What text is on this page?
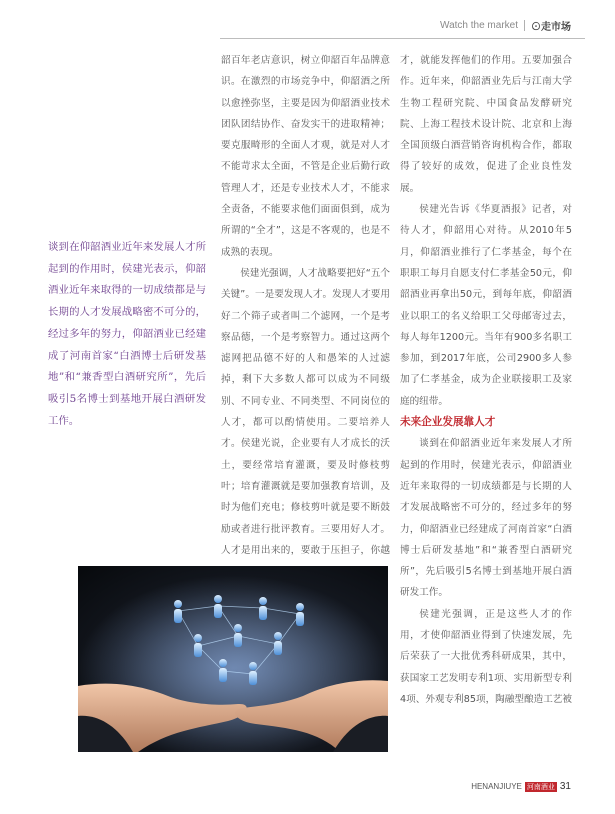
Watch the market ⊙走市场

谈到在仰韶酒业近年来发展人才所起到的作用时，侯建光表示，仰韶酒业近年来取得的一切成绩都是与长期的人才发展战略密不可分的，经过多年的努力，仰韶酒业已经建成了河南首家“白酒博士后研发基地”和“兼香型白酒研究所”，先后吸引5名博士到基地开展白酒研发工作。

韶百年老店意识，树立仰韶百年品牌意识。在激烈的市场竞争中，仰韶酒之所以愈挫弥坚，主要是因为仰韶酒业技术团队团结协作、奋发实干的进取精神；要克服畸形的全面人才观，就是对人才不能苛求太全面，不管是企业后勤行政管理人才，还是专业技术人才，不能求全责备，不能要求他们面面俱到，成为所谓的“全才”，这是不客观的，也是不成熟的表现。

侯建光强调，人才战略要把好“五个关键”。一是要发现人才。发现人才要用好二个筛子或者叫二个滤网，一个是考察品德，一个是考察智力。通过这两个滤网把品德不好的人和愚笨的人过滤掉，剩下大多数人都可以成为不同级别、不同专业、不同类型、不同岗位的人才，都可以酌情使用。二要培养人才。侯建光说，企业要有人才成长的沃土，要经常培育灌溉，要及时修枝剪叶；培育灌溉就是要加强教育培训，及时为他们充电；修枝剪叶就是要不断鼓励或者进行批评教育。三要用好人才。人才是用出来的，要敢于压担子，你越

才，就能发挥他们的作用。五要加强合作。近年来，仰韶酒业先后与江南大学生物工程研究院、中国食品发酵研究院、上海工程技术设计院、北京和上海全国顶级白酒营销咨询机构合作，都取得了较好的成效，促进了企业良性发展。

侯建光告诉《华夏酒报》记者，对待人才，仰韶用心对待。从2010年5月，仰韶酒业推行了仁孝基金，每个在职职工每月自愿支付仁孝基金50元，仰韶酒业再拿出50元，到每年底，仰韶酒业以职工的名义给职工父母邮寄过去，每人每年1200元。当年有900多名职工参加，到2017年底，公司2900多人参加了仁孝基金，成为企业联接职工及家庭的纽带。

未来企业发展靠人才

谈到在仰韶酒业近年来发展人才所起到的作用时，侯建光表示，仰韶酒业近年来取得的一切成绩都是与长期的人才发展战略密不可分的，经过多年的努力，仰韶酒业已经建成了河南首家“白酒博士后研发基地”和“兼香型白酒研究所”，先后吸引5名博士到基地开展白酒研发工作。

侯建光强调，正是这些人才的作用，才使仰韶酒业得到了快速发展，先后荣获了一大批优秀科研成果，其中，获国家工艺发明专利1项、实用新型专利4项、外观专利85项，陶融型酿造工艺被

HENANJIUYE 河南酒业 31
